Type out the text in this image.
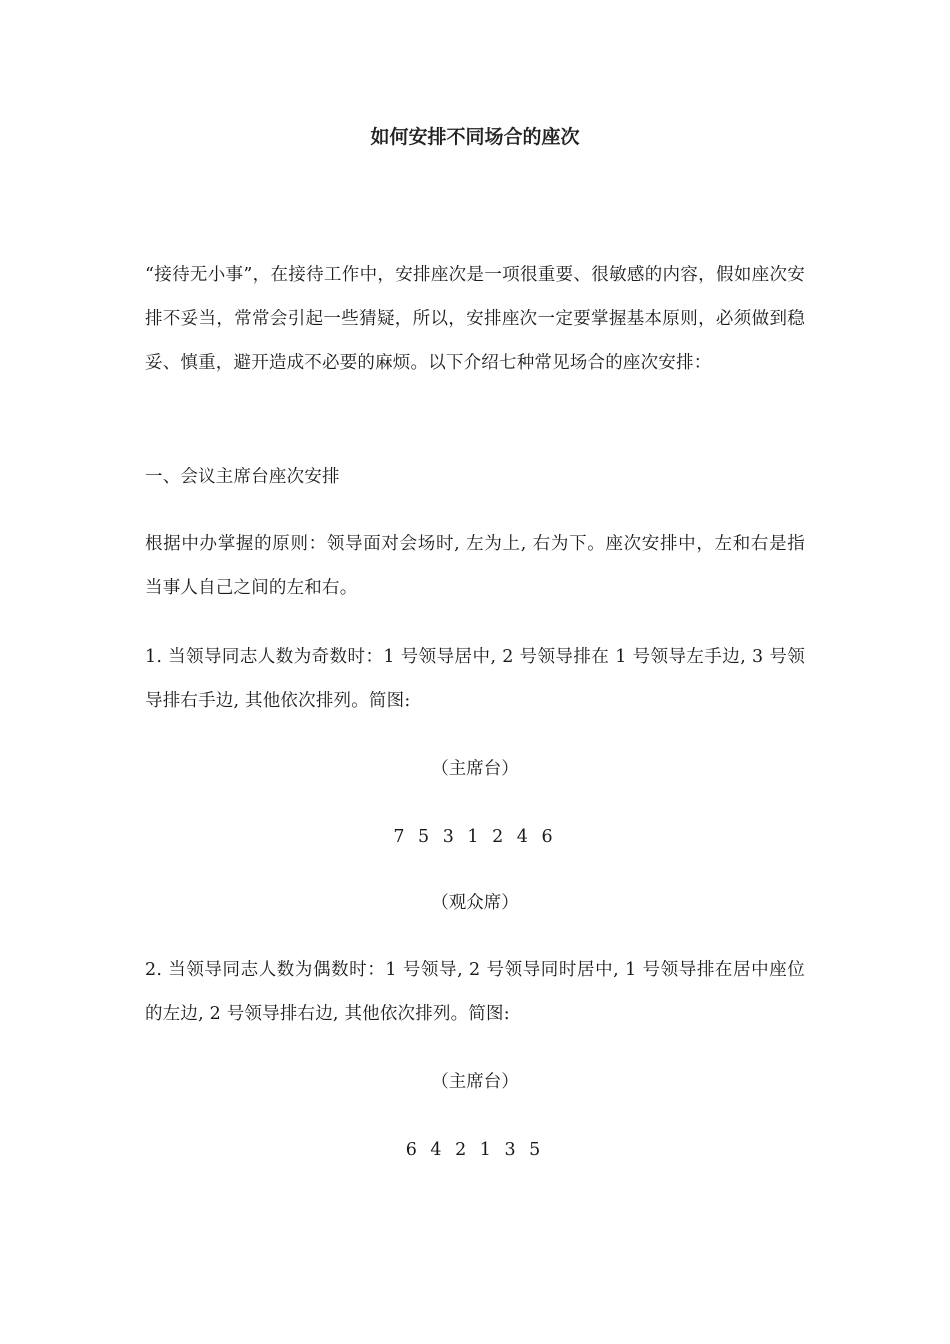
如何安排不同场合的座次
“接待无小事”，在接待工作中，安排座次是一项很重要、很敏感的内容，假如座次安排不妥当，常常会引起一些猜疑，所以，安排座次一定要掌握基本原则，必须做到稳妥、慎重，避开造成不必要的麻烦。以下介绍七种常见场合的座次安排：
一、会议主席台座次安排
根据中办掌握的原则：领导面对会场时, 左为上, 右为下。座次安排中，左和右是指当事人自己之间的左和右。
1. 当领导同志人数为奇数时：1 号领导居中, 2 号领导排在 1 号领导左手边, 3 号领导排右手边, 其他依次排列。简图:
（主席台）
7 5 3 1 2 4 6
（观众席）
2. 当领导同志人数为偶数时：1 号领导, 2 号领导同时居中, 1 号领导排在居中座位的左边, 2 号领导排右边, 其他依次排列。简图:
（主席台）
6 4 2 1 3 5
